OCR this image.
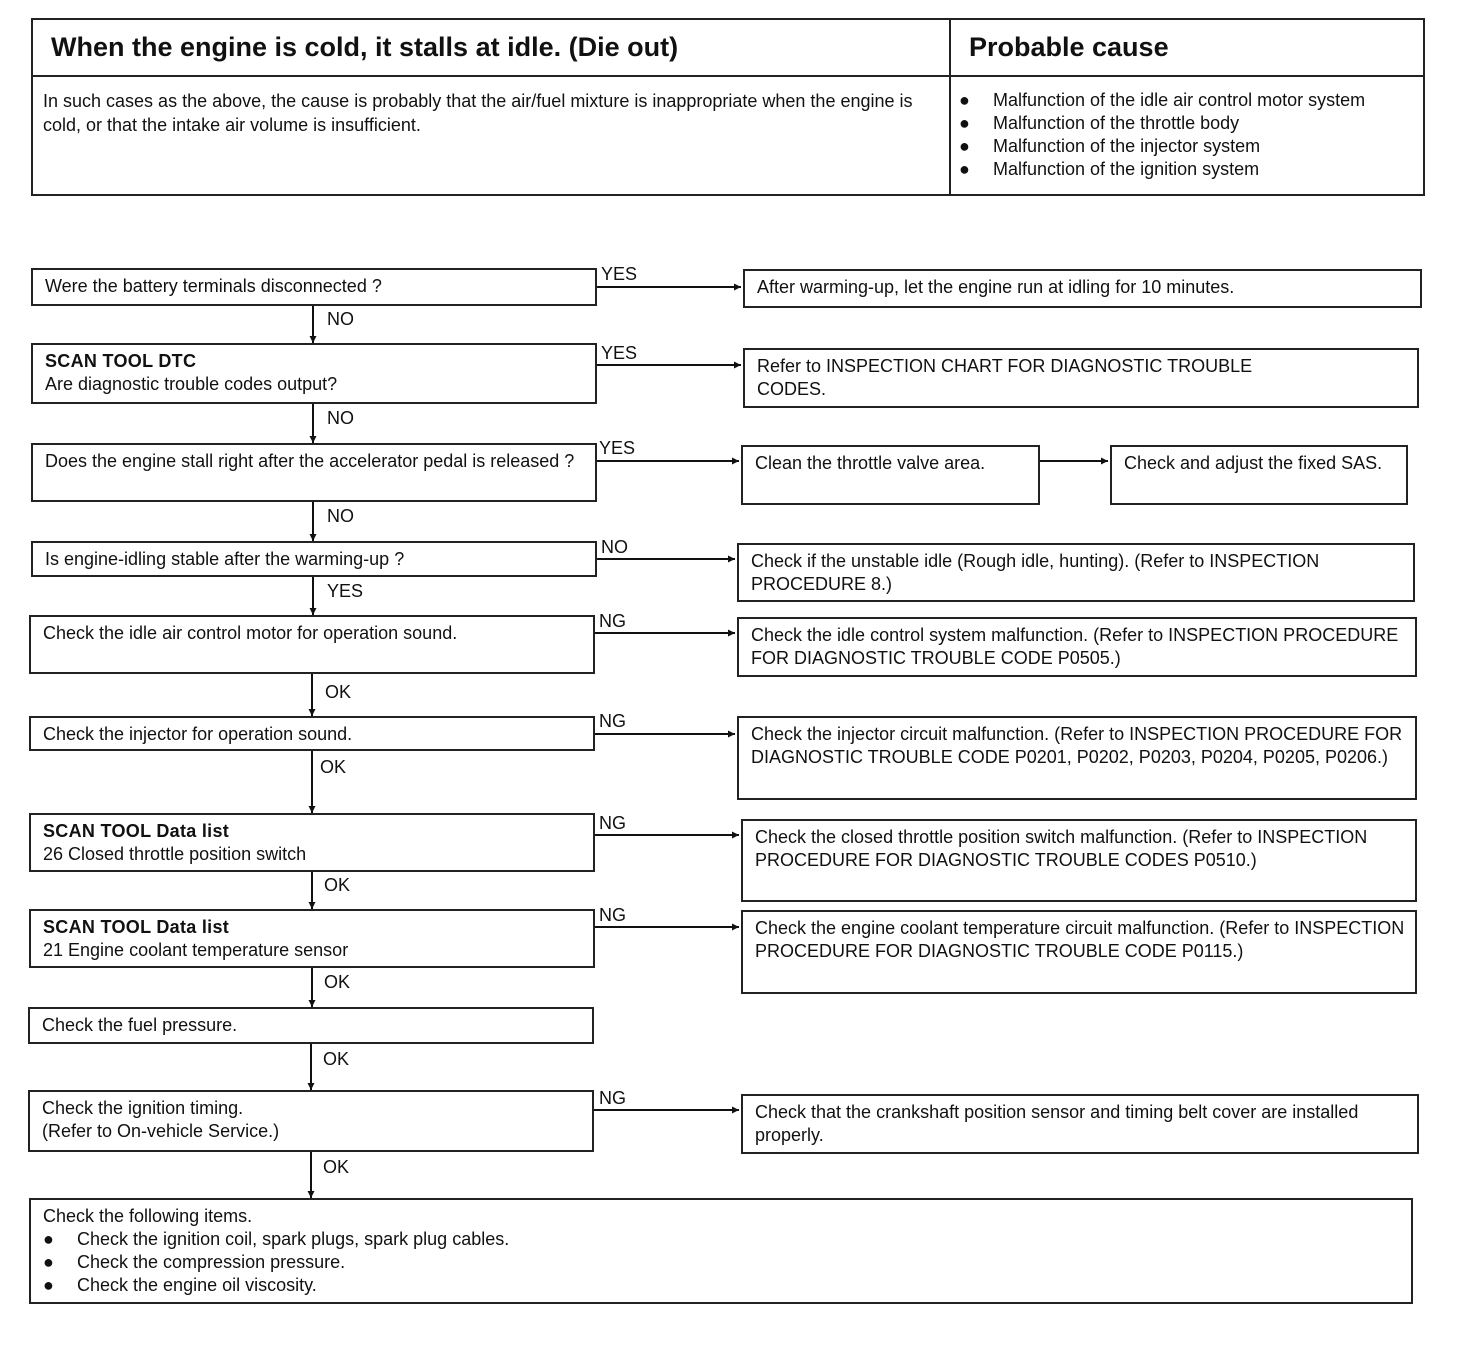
When the engine is cold, it stalls at idle. (Die out)	Probable cause
In such cases as the above, the cause is probably that the air/fuel mixture is inappropriate when the engine is cold, or that the intake air volume is insufficient.
●	Malfunction of the idle air control motor system
●	Malfunction of the throttle body
●	Malfunction of the injector system
●	Malfunction of the ignition system
YES
NO
YES
NO
YES
NO
NO
YES
NG
OK
NG
OK
NG
OK
NG
OK
OK
NG
OK
Were the battery terminals disconnected ?
SCAN TOOL DTC
Are diagnostic trouble codes output?
Does the engine stall right after the accelerator pedal is released ?
Is engine-idling stable after the warming-up ?
Check the idle air control motor for operation sound.
Check the injector for operation sound.
SCAN TOOL Data list
26 Closed throttle position switch
SCAN TOOL Data list
21 Engine coolant temperature sensor
Check the fuel pressure.
Check the ignition timing.
(Refer to On-vehicle Service.)
Check the following items.
●	Check the ignition coil, spark plugs, spark plug cables.
●	Check the compression pressure.
●	Check the engine oil viscosity.
After warming-up, let the engine run at idling for 10 minutes.
Refer to INSPECTION CHART FOR DIAGNOSTIC TROUBLE CODES.
Clean the throttle valve area.	Check and adjust the fixed SAS.
Check if the unstable idle (Rough idle, hunting). (Refer to INSPECTION PROCEDURE 8.)
Check the idle control system malfunction. (Refer to INSPECTION PROCEDURE FOR DIAGNOSTIC TROUBLE CODE P0505.)
Check the injector circuit malfunction. (Refer to INSPECTION PROCEDURE FOR DIAGNOSTIC TROUBLE CODE P0201, P0202, P0203, P0204, P0205, P0206.)
Check the closed throttle position switch malfunction. (Refer to INSPECTION PROCEDURE FOR DIAGNOSTIC TROUBLE CODES P0510.)
Check the engine coolant temperature circuit malfunction. (Refer to INSPECTION PROCEDURE FOR DIAGNOSTIC TROUBLE CODE P0115.)
Check that the crankshaft position sensor and timing belt cover are installed properly.
